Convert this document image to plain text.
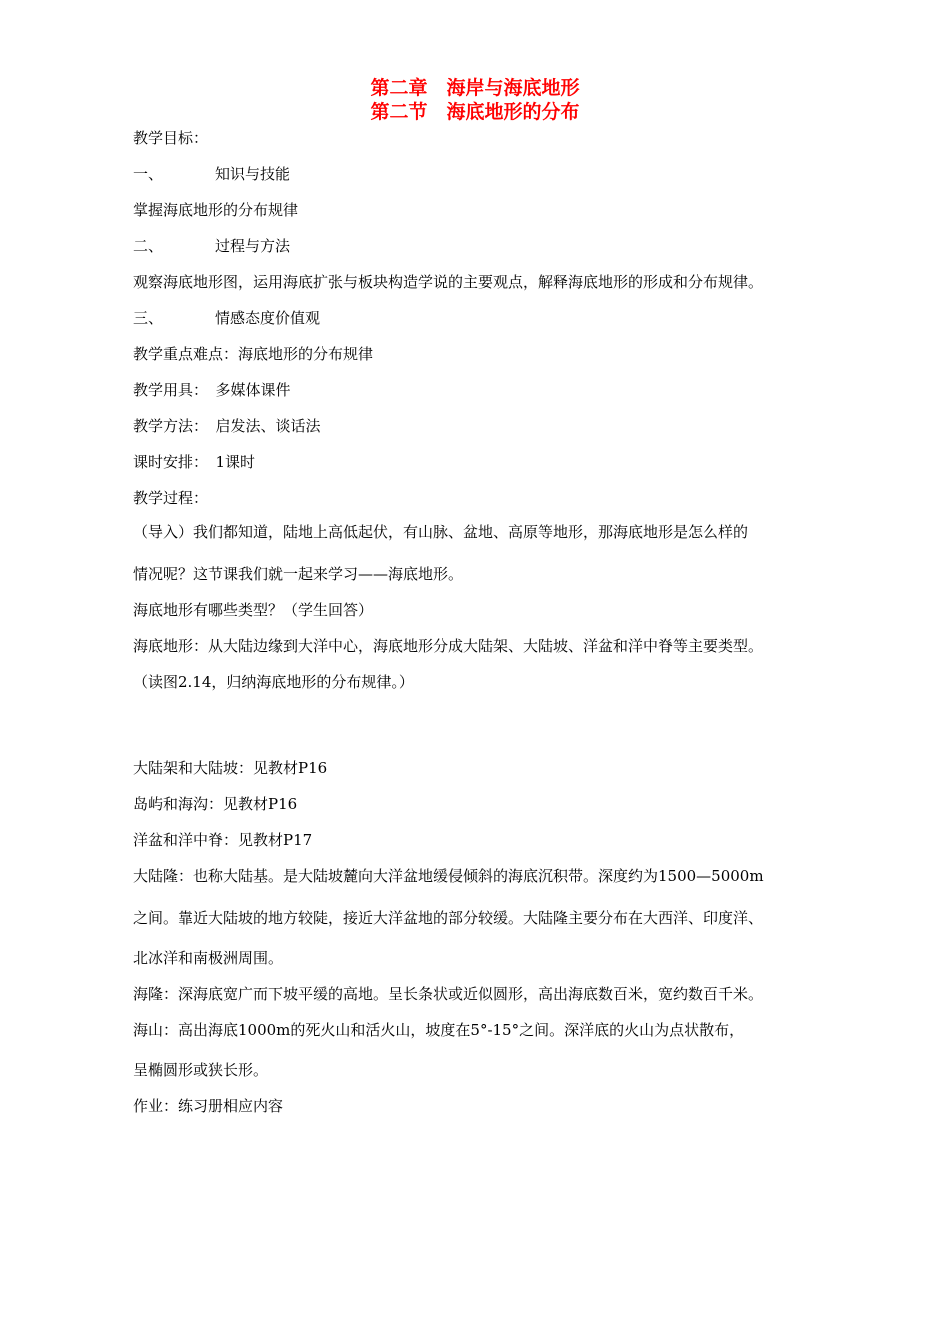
第二章　海岸与海底地形
第二节　海底地形的分布
教学目标：
一、	知识与技能
掌握海底地形的分布规律
二、	过程与方法
观察海底地形图，运用海底扩张与板块构造学说的主要观点，解释海底地形的形成和分布规律。
三、	情感态度价值观
教学重点难点：海底地形的分布规律
教学用具：　多媒体课件
教学方法：　启发法、谈话法
课时安排：　1课时
教学过程：
（导入）我们都知道，陆地上高低起伏，有山脉、盆地、高原等地形，那海底地形是怎么样的
情况呢？这节课我们就一起来学习——海底地形。
海底地形有哪些类型？（学生回答）
海底地形：从大陆边缘到大洋中心，海底地形分成大陆架、大陆坡、洋盆和洋中脊等主要类型。
（读图2.14，归纳海底地形的分布规律。）
大陆架和大陆坡：见教材P16
岛屿和海沟：见教材P16
洋盆和洋中脊：见教材P17
大陆隆：也称大陆基。是大陆坡麓向大洋盆地缓侵倾斜的海底沉积带。深度约为1500—5000m
之间。靠近大陆坡的地方较陡，接近大洋盆地的部分较缓。大陆隆主要分布在大西洋、印度洋、
北冰洋和南极洲周围。
海隆：深海底宽广而下坡平缓的高地。呈长条状或近似圆形，高出海底数百米，宽约数百千米。
海山：高出海底1000m的死火山和活火山，坡度在5°-15°之间。深洋底的火山为点状散布，
呈椭圆形或狭长形。
作业：练习册相应内容
